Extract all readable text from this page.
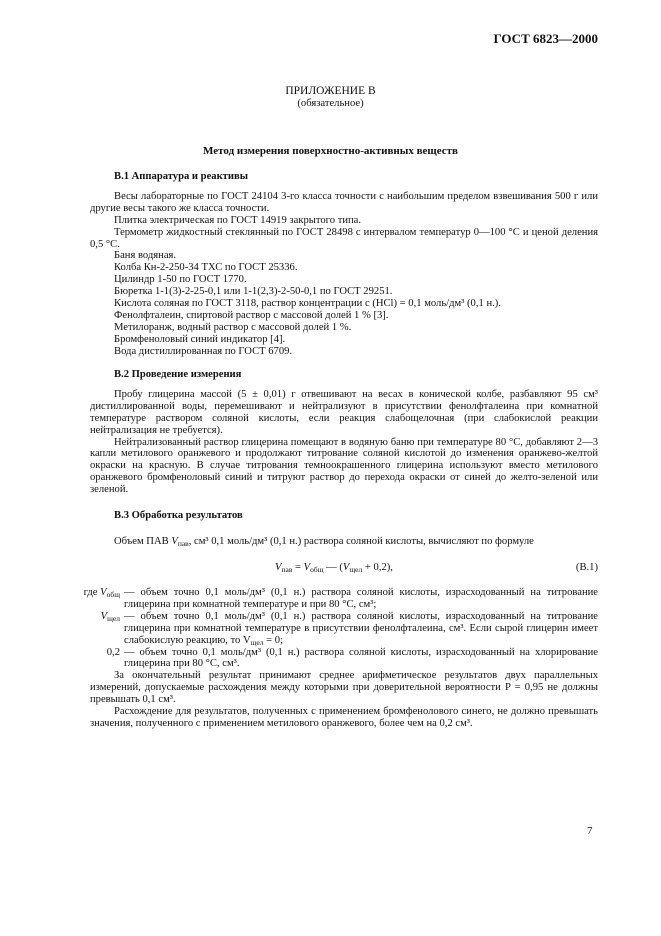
ГОСТ 6823—2000
ПРИЛОЖЕНИЕ В
(обязательное)
Метод измерения поверхностно-активных веществ

В.1 Аппаратура и реактивы

Весы лабораторные по ГОСТ 24104 3-го класса точности с наибольшим пределом взвешивания 500 г или другие весы такого же класса точности.

Плитка электрическая по ГОСТ 14919 закрытого типа.

Термометр жидкостный стеклянный по ГОСТ 28498 с интервалом температур 0—100 °С и ценой деления 0,5 °С.

Баня водяная.

Колба Кн-2-250-34 ТХС по ГОСТ 25336.

Цилиндр 1-50 по ГОСТ 1770.

Бюретка 1-1(3)-2-25-0,1 или 1-1(2,3)-2-50-0,1 по ГОСТ 29251.

Кислота соляная по ГОСТ 3118, раствор концентрации с (HCl) = 0,1 моль/дм³ (0,1 н.).

Фенолфталеин, спиртовой раствор с массовой долей 1 % [3].

Метилоранж, водный раствор с массовой долей 1 %.

Бромфеноловый синий индикатор [4].

Вода дистиллированная по ГОСТ 6709.

В.2 Проведение измерения

Пробу глицерина массой (5 ± 0,01) г отвешивают на весах в конической колбе, разбавляют 95 см³ дистиллированной воды, перемешивают и нейтрализуют в присутствии фенолфталеина при комнатной температуре раствором соляной кислоты, если реакция слабощелочная (при слабокислой реакции нейтрализация не требуется).

Нейтрализованный раствор глицерина помещают в водяную баню при температуре 80 °С, добавляют 2—3 капли метилового оранжевого и продолжают титрование соляной кислотой до изменения оранжево-желтой окраски на красную. В случае титрования темноокрашенного глицерина используют вместо метилового оранжевого бромфеноловый синий и титруют раствор до перехода окраски от синей до желто-зеленой или зеленой.

В.3 Обработка результатов

Объем ПАВ $V_{пав}$, см³ 0,1 моль/дм³ (0,1 н.) раствора соляной кислоты, вычисляют по формуле

$V_{пав} = V_{общ}$ — $(V_{щел} + 0,2)$,	(В.1)
где $V_{общ}$ — объем точно 0,1 моль/дм³ (0,1 н.) раствора соляной кислоты, израсходованный на титрование глицерина при комнатной температуре и при 80 °С, см³;
$V_{щел}$ — объем точно 0,1 моль/дм³ (0,1 н.) раствора соляной кислоты, израсходованный на титрование глицерина при комнатной температуре в присутствии фенолфталеина, см³. Если сырой глицерин имеет слабокислую реакцию, то $V_{щел} = 0$;
0,2 — объем точно 0,1 моль/дм³ (0,1 н.) раствора соляной кислоты, израсходованный на хлорирование глицерина при 80 °С, см³.

За окончательный результат принимают среднее арифметическое результатов двух параллельных измерений, допускаемые расхождения между которыми при доверительной вероятности P = 0,95 не должны превышать 0,1 см³.

Расхождение для результатов, полученных с применением бромфенолового синего, не должно превышать значения, полученного с применением метилового оранжевого, более чем на 0,2 см³.

7
